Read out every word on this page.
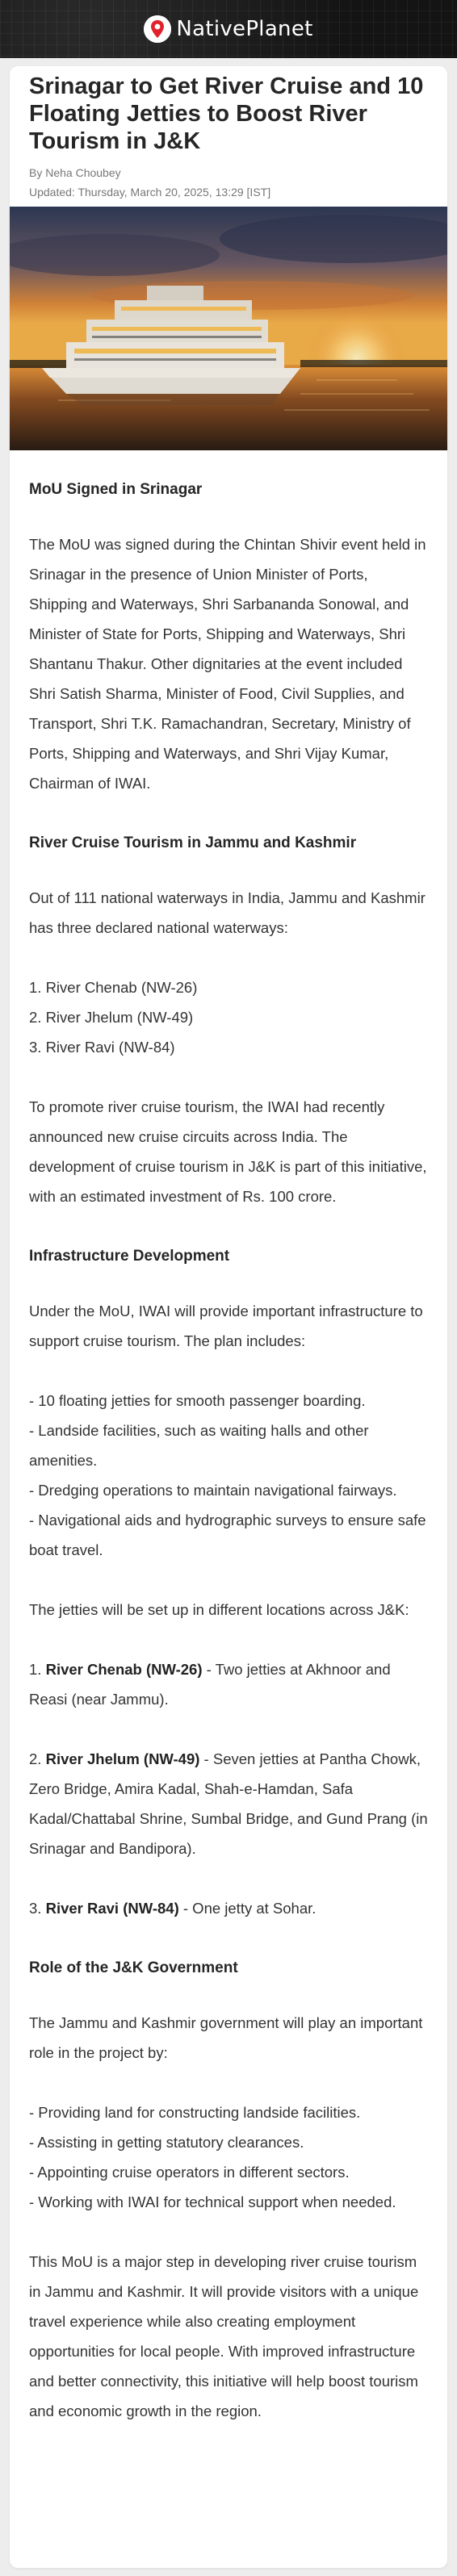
NativePlanet
Srinagar to Get River Cruise and 10 Floating Jetties to Boost River Tourism in J&K
By Neha Choubey
Updated: Thursday, March 20, 2025, 13:29 [IST]
MoU Signed in Srinagar

The MoU was signed during the Chintan Shivir event held in Srinagar in the presence of Union Minister of Ports, Shipping and Waterways, Shri Sarbananda Sonowal, and Minister of State for Ports, Shipping and Waterways, Shri Shantanu Thakur. Other dignitaries at the event included Shri Satish Sharma, Minister of Food, Civil Supplies, and Transport, Shri T.K. Ramachandran, Secretary, Ministry of Ports, Shipping and Waterways, and Shri Vijay Kumar, Chairman of IWAI.

River Cruise Tourism in Jammu and Kashmir

Out of 111 national waterways in India, Jammu and Kashmir has three declared national waterways:

1. River Chenab (NW-26)
2. River Jhelum (NW-49)
3. River Ravi (NW-84)

To promote river cruise tourism, the IWAI had recently announced new cruise circuits across India. The development of cruise tourism in J&K is part of this initiative, with an estimated investment of Rs. 100 crore.

Infrastructure Development

Under the MoU, IWAI will provide important infrastructure to support cruise tourism. The plan includes:

- 10 floating jetties for smooth passenger boarding.
- Landside facilities, such as waiting halls and other amenities.
- Dredging operations to maintain navigational fairways.
- Navigational aids and hydrographic surveys to ensure safe boat travel.

The jetties will be set up in different locations across J&K:

1. River Chenab (NW-26) - Two jetties at Akhnoor and Reasi (near Jammu).

2. River Jhelum (NW-49) - Seven jetties at Pantha Chowk, Zero Bridge, Amira Kadal, Shah-e-Hamdan, Safa Kadal/Chattabal Shrine, Sumbal Bridge, and Gund Prang (in Srinagar and Bandipora).

3. River Ravi (NW-84) - One jetty at Sohar.

Role of the J&K Government

The Jammu and Kashmir government will play an important role in the project by:

- Providing land for constructing landside facilities.
- Assisting in getting statutory clearances.
- Appointing cruise operators in different sectors.
- Working with IWAI for technical support when needed.

This MoU is a major step in developing river cruise tourism in Jammu and Kashmir. It will provide visitors with a unique travel experience while also creating employment opportunities for local people. With improved infrastructure and better connectivity, this initiative will help boost tourism and economic growth in the region.
